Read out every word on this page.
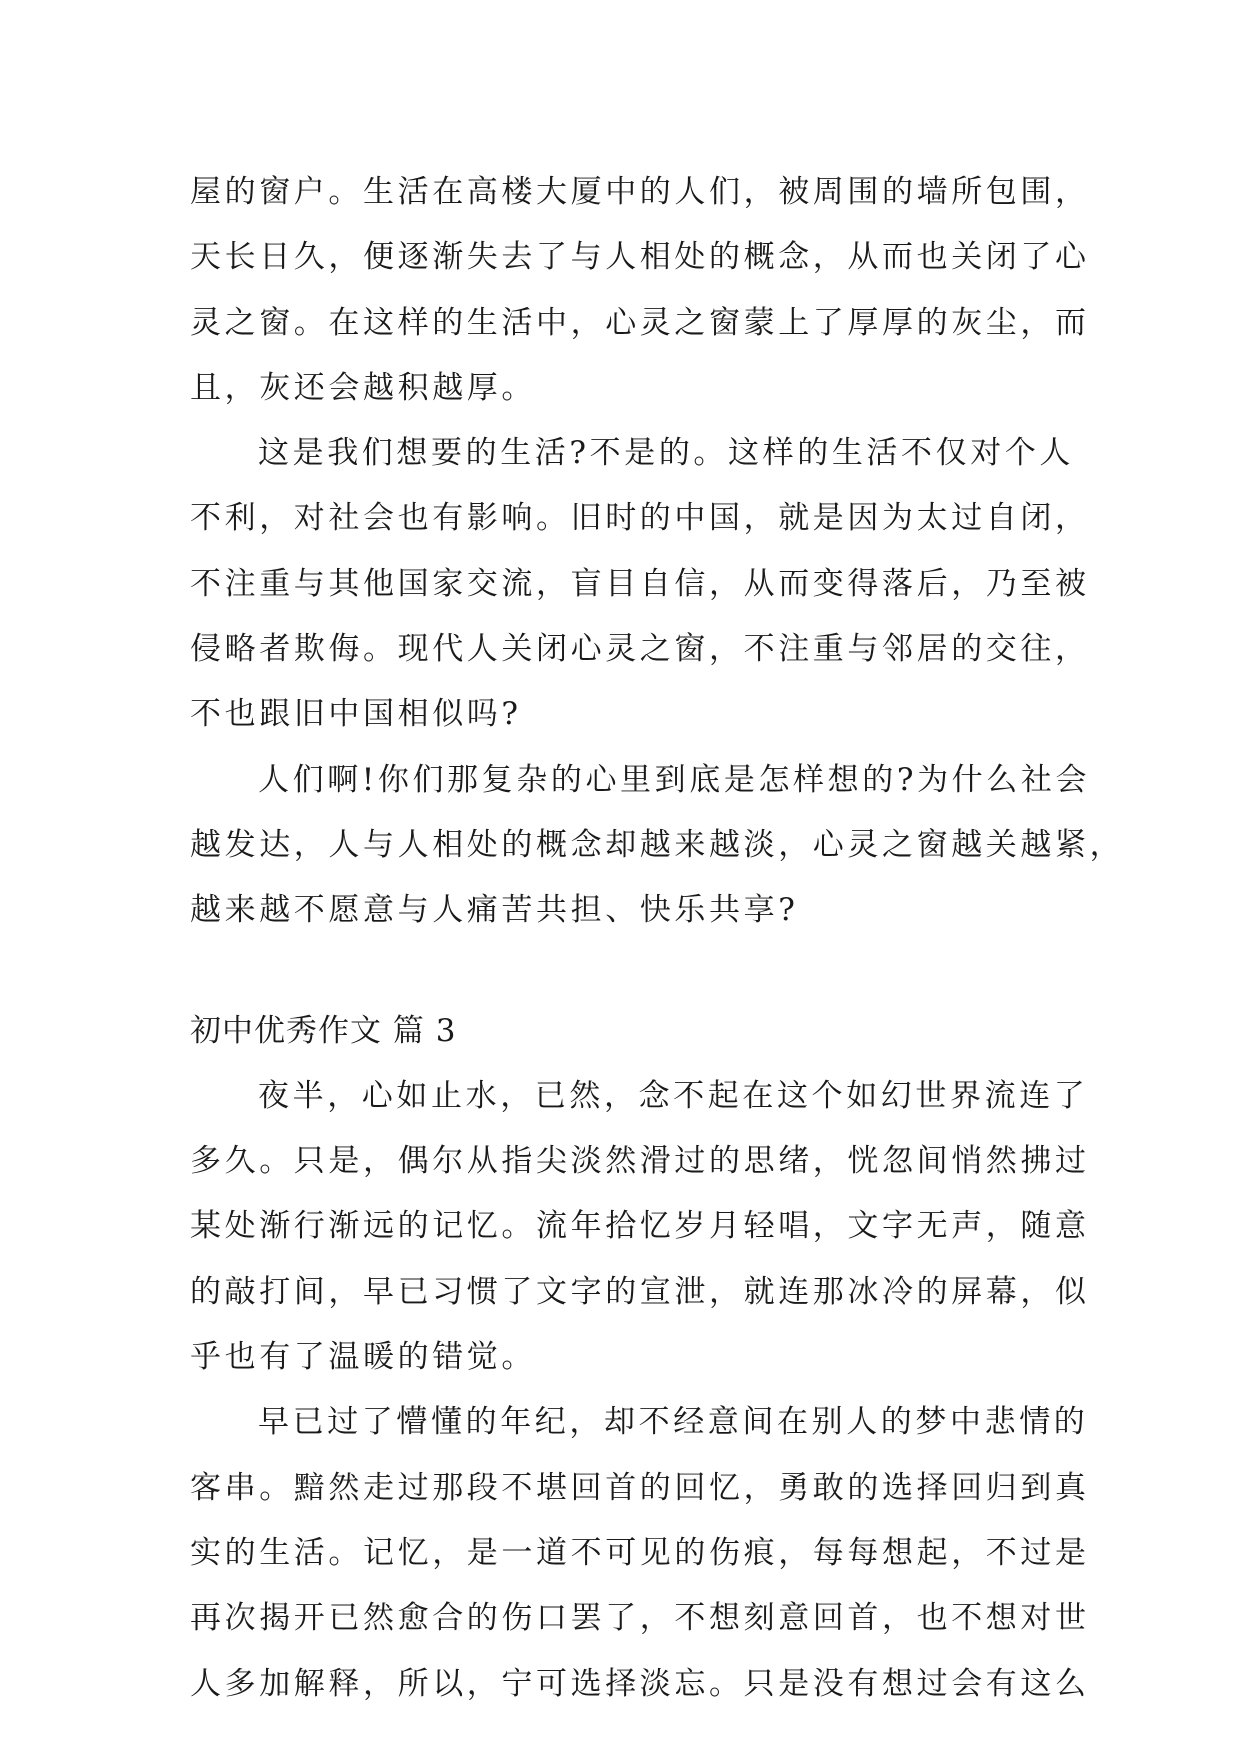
屋的窗户。生活在高楼大厦中的人们，被周围的墙所包围，
天长日久，便逐渐失去了与人相处的概念，从而也关闭了心
灵之窗。在这样的生活中，心灵之窗蒙上了厚厚的灰尘，而
且，灰还会越积越厚。
这是我们想要的生活?不是的。这样的生活不仅对个人
不利，对社会也有影响。旧时的中国，就是因为太过自闭，
不注重与其他国家交流，盲目自信，从而变得落后，乃至被
侵略者欺侮。现代人关闭心灵之窗，不注重与邻居的交往，
不也跟旧中国相似吗?
人们啊!你们那复杂的心里到底是怎样想的?为什么社会
越发达，人与人相处的概念却越来越淡，心灵之窗越关越紧，
越来越不愿意与人痛苦共担、快乐共享?
初中优秀作文 篇 3
夜半，心如止水，已然，念不起在这个如幻世界流连了
多久。只是，偶尔从指尖淡然滑过的思绪，恍忽间悄然拂过
某处渐行渐远的记忆。流年拾忆岁月轻唱，文字无声，随意
的敲打间，早已习惯了文字的宣泄，就连那冰冷的屏幕，似
乎也有了温暖的错觉。
早已过了懵懂的年纪，却不经意间在别人的梦中悲情的
客串。黯然走过那段不堪回首的回忆，勇敢的选择回归到真
实的生活。记忆，是一道不可见的伤痕，每每想起，不过是
再次揭开已然愈合的伤口罢了，不想刻意回首，也不想对世
人多加解释，所以，宁可选择淡忘。只是没有想过会有这么
